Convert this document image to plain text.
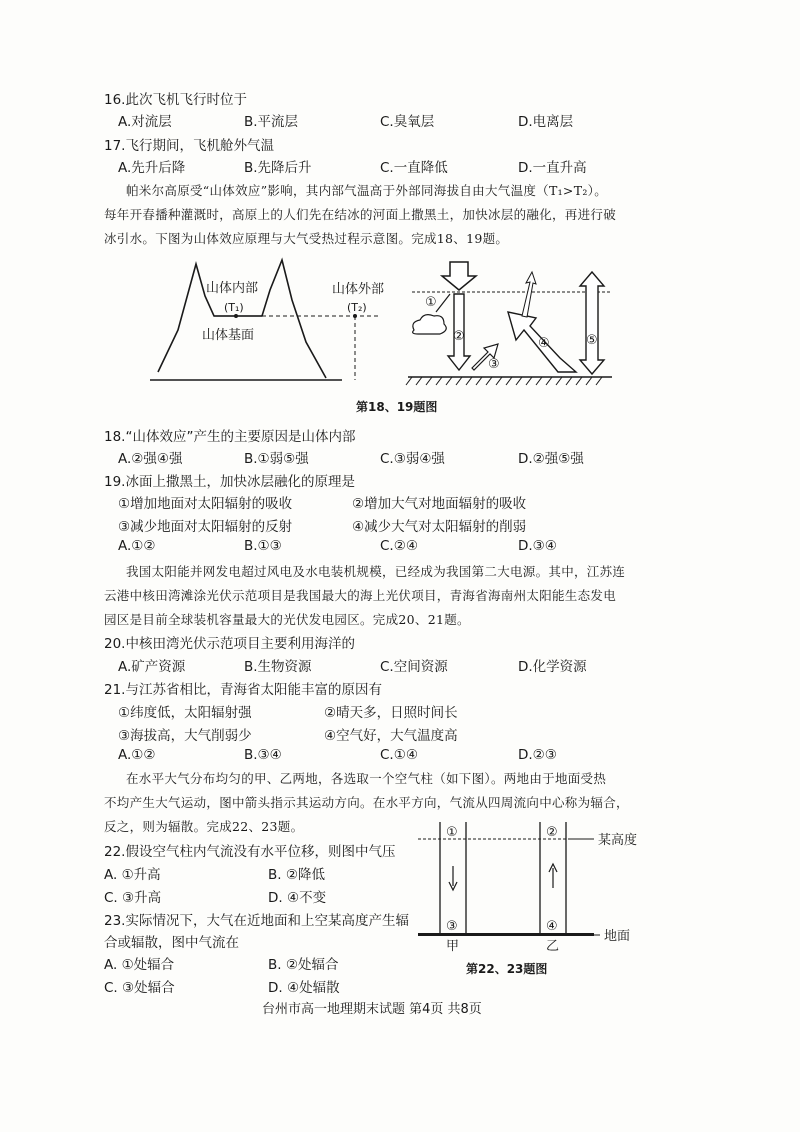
16.此次飞机飞行时位于
A.对流层	B.平流层	C.臭氧层	D.电离层
17.飞行期间，飞机舱外气温
A.先升后降	B.先降后升	C.一直降低	D.一直升高
帕米尔高原受“山体效应”影响，其内部气温高于外部同海拔自由大气温度（T₁>T₂）。
每年开春播种灌溉时，高原上的人们先在结冰的河面上撒黑土，加快冰层的融化，再进行破
冰引水。下图为山体效应原理与大气受热过程示意图。完成18、19题。
山体内部
(T₁)
山体外部
(T₂)
山体基面
①
②
③
④	⑤
第18、19题图
18.“山体效应”产生的主要原因是山体内部
A.②强④强	B.①弱⑤强	C.③弱④强	D.②强⑤强
19.冰面上撒黑土，加快冰层融化的原理是
①增加地面对太阳辐射的吸收	②增加大气对地面辐射的吸收
③减少地面对太阳辐射的反射	④减少大气对太阳辐射的削弱
A.①②	B.①③	C.②④	D.③④
我国太阳能并网发电超过风电及水电装机规模，已经成为我国第二大电源。其中，江苏连
云港中核田湾滩涂光伏示范项目是我国最大的海上光伏项目，青海省海南州太阳能生态发电
园区是目前全球装机容量最大的光伏发电园区。完成20、21题。
20.中核田湾光伏示范项目主要利用海洋的
A.矿产资源	B.生物资源	C.空间资源	D.化学资源
21.与江苏省相比，青海省太阳能丰富的原因有
①纬度低，太阳辐射强	②晴天多，日照时间长
③海拔高，大气削弱少	④空气好，大气温度高
A.①②	B.③④	C.①④	D.②③
在水平大气分布均匀的甲、乙两地，各选取一个空气柱（如下图）。两地由于地面受热
不均产生大气运动，图中箭头指示其运动方向。在水平方向，气流从四周流向中心称为辐合，
反之，则为辐散。完成22、23题。
22.假设空气柱内气流没有水平位移，则图中气压
A. ①升高	B. ②降低
C. ③升高	D. ④不变
23.实际情况下，大气在近地面和上空某高度产生辐
合或辐散，图中气流在
A. ①处辐合	B. ②处辐合
C. ③处辐合	D. ④处辐散
①	②
③	④
某高度
地面
甲	乙
第22、23题图
台州市高一地理期末试题 第4页 共8页
